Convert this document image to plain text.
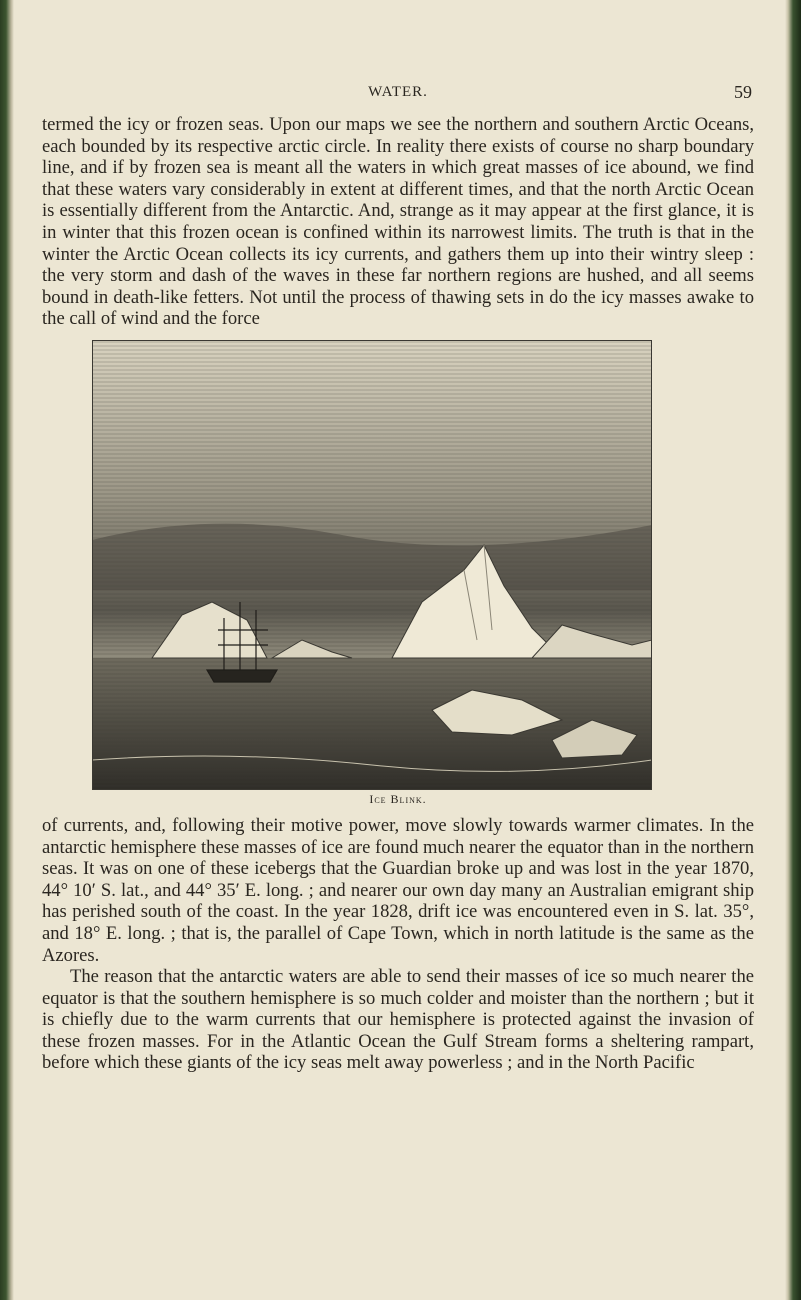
WATER.	59

termed the icy or frozen seas. Upon our maps we see the northern and southern Arctic Oceans, each bounded by its respective arctic circle. In reality there exists of course no sharp boundary line, and if by frozen sea is meant all the waters in which great masses of ice abound, we find that these waters vary considerably in extent at different times, and that the north Arctic Ocean is essentially different from the Antarctic. And, strange as it may appear at the first glance, it is in winter that this frozen ocean is confined within its narrowest limits. The truth is that in the winter the Arctic Ocean collects its icy currents, and gathers them up into their wintry sleep : the very storm and dash of the waves in these far northern regions are hushed, and all seems bound in death-like fetters. Not until the process of thawing sets in do the icy masses awake to the call of wind and the force

Ice Blink.

of currents, and, following their motive power, move slowly towards warmer climates. In the antarctic hemisphere these masses of ice are found much nearer the equator than in the northern seas. It was on one of these icebergs that the Guardian broke up and was lost in the year 1870, 44° 10′ S. lat., and 44° 35′ E. long. ; and nearer our own day many an Australian emigrant ship has perished south of the coast. In the year 1828, drift ice was encountered even in S. lat. 35°, and 18° E. long. ; that is, the parallel of Cape Town, which in north latitude is the same as the Azores.

The reason that the antarctic waters are able to send their masses of ice so much nearer the equator is that the southern hemisphere is so much colder and moister than the northern ; but it is chiefly due to the warm currents that our hemisphere is protected against the invasion of these frozen masses. For in the Atlantic Ocean the Gulf Stream forms a sheltering rampart, before which these giants of the icy seas melt away powerless ; and in the North Pacific
